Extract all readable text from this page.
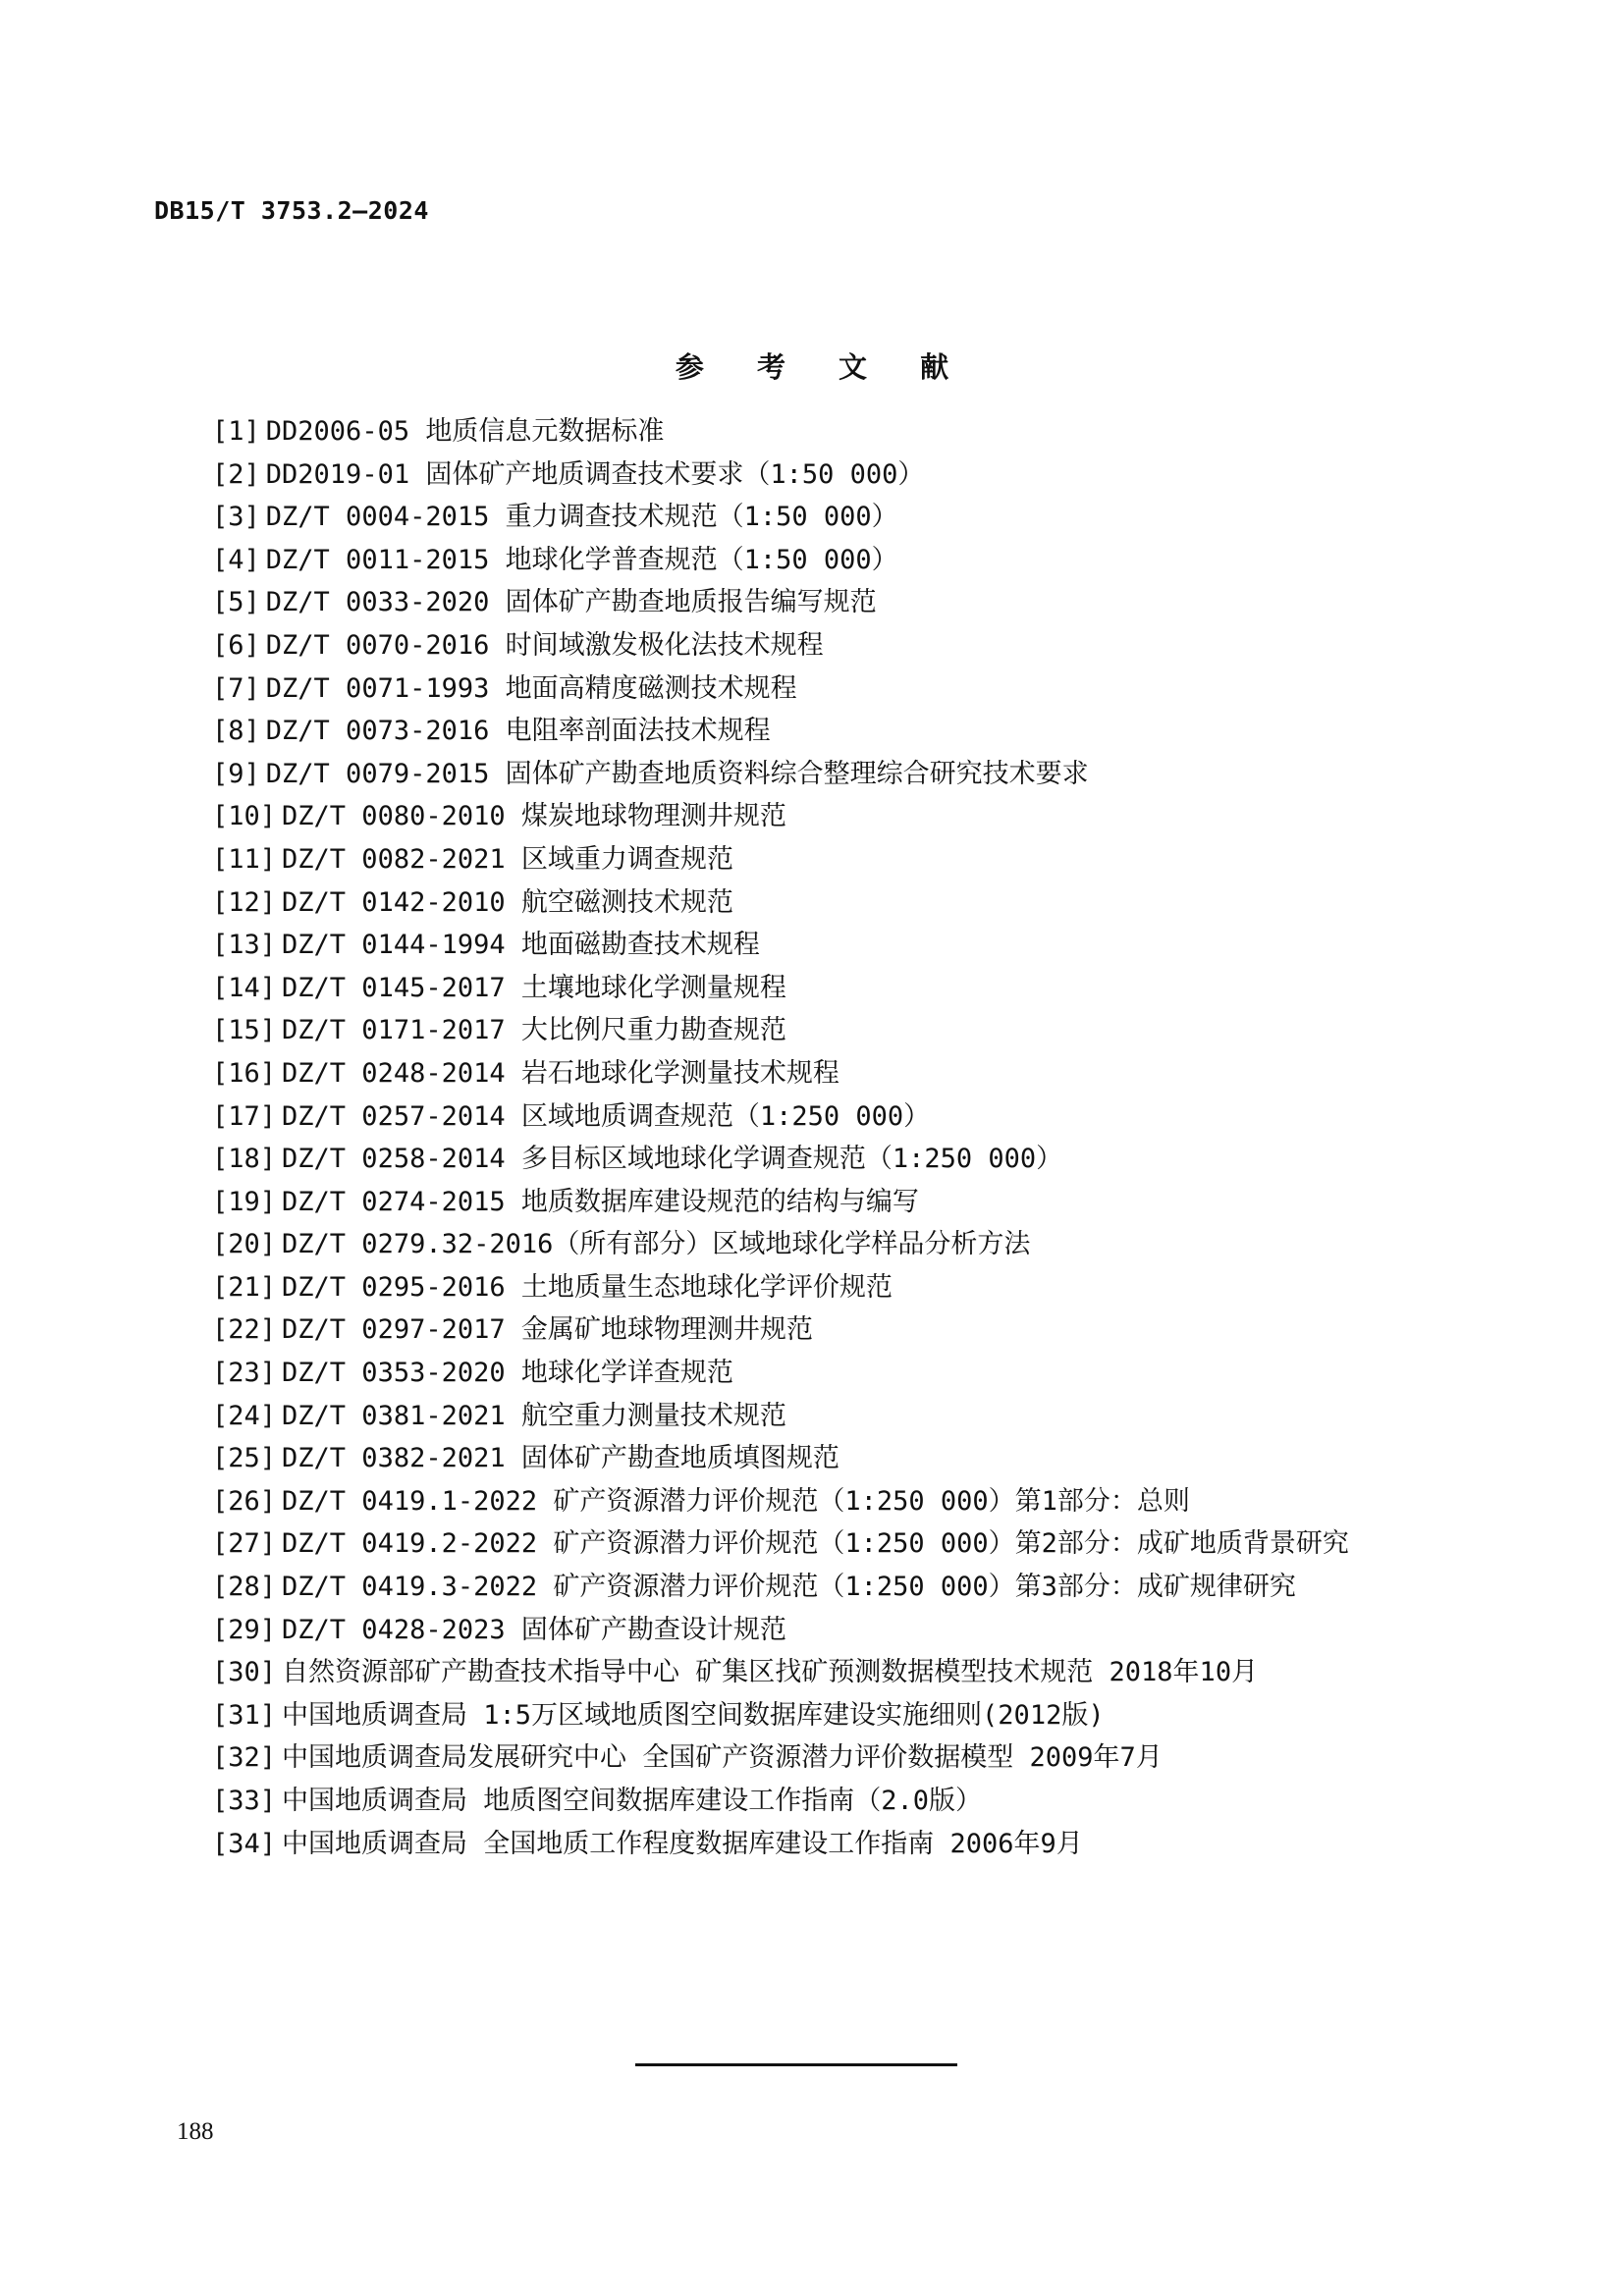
DB15/T 3753.2—2024
参 考 文 献
[1] DD2006-05 地质信息元数据标准
[2] DD2019-01 固体矿产地质调查技术要求（1:50 000）
[3] DZ/T 0004-2015 重力调查技术规范（1:50 000）
[4] DZ/T 0011-2015 地球化学普查规范（1:50 000）
[5] DZ/T 0033-2020 固体矿产勘查地质报告编写规范
[6] DZ/T 0070-2016 时间域激发极化法技术规程
[7] DZ/T 0071-1993 地面高精度磁测技术规程
[8] DZ/T 0073-2016 电阻率剖面法技术规程
[9] DZ/T 0079-2015 固体矿产勘查地质资料综合整理综合研究技术要求
[10] DZ/T 0080-2010 煤炭地球物理测井规范
[11] DZ/T 0082-2021 区域重力调查规范
[12] DZ/T 0142-2010 航空磁测技术规范
[13] DZ/T 0144-1994 地面磁勘查技术规程
[14] DZ/T 0145-2017 土壤地球化学测量规程
[15] DZ/T 0171-2017 大比例尺重力勘查规范
[16] DZ/T 0248-2014 岩石地球化学测量技术规程
[17] DZ/T 0257-2014 区域地质调查规范（1:250 000）
[18] DZ/T 0258-2014 多目标区域地球化学调查规范（1:250 000）
[19] DZ/T 0274-2015 地质数据库建设规范的结构与编写
[20] DZ/T 0279.32-2016（所有部分）区域地球化学样品分析方法
[21] DZ/T 0295-2016 土地质量生态地球化学评价规范
[22] DZ/T 0297-2017 金属矿地球物理测井规范
[23] DZ/T 0353-2020 地球化学详查规范
[24] DZ/T 0381-2021 航空重力测量技术规范
[25] DZ/T 0382-2021 固体矿产勘查地质填图规范
[26] DZ/T 0419.1-2022 矿产资源潜力评价规范（1:250 000）第1部分：总则
[27] DZ/T 0419.2-2022 矿产资源潜力评价规范（1:250 000）第2部分：成矿地质背景研究
[28] DZ/T 0419.3-2022 矿产资源潜力评价规范（1:250 000）第3部分：成矿规律研究
[29] DZ/T 0428-2023 固体矿产勘查设计规范
[30] 自然资源部矿产勘查技术指导中心 矿集区找矿预测数据模型技术规范 2018年10月
[31] 中国地质调查局 1:5万区域地质图空间数据库建设实施细则(2012版)
[32] 中国地质调查局发展研究中心 全国矿产资源潜力评价数据模型 2009年7月
[33] 中国地质调查局 地质图空间数据库建设工作指南（2.0版）
[34] 中国地质调查局 全国地质工作程度数据库建设工作指南 2006年9月
188
